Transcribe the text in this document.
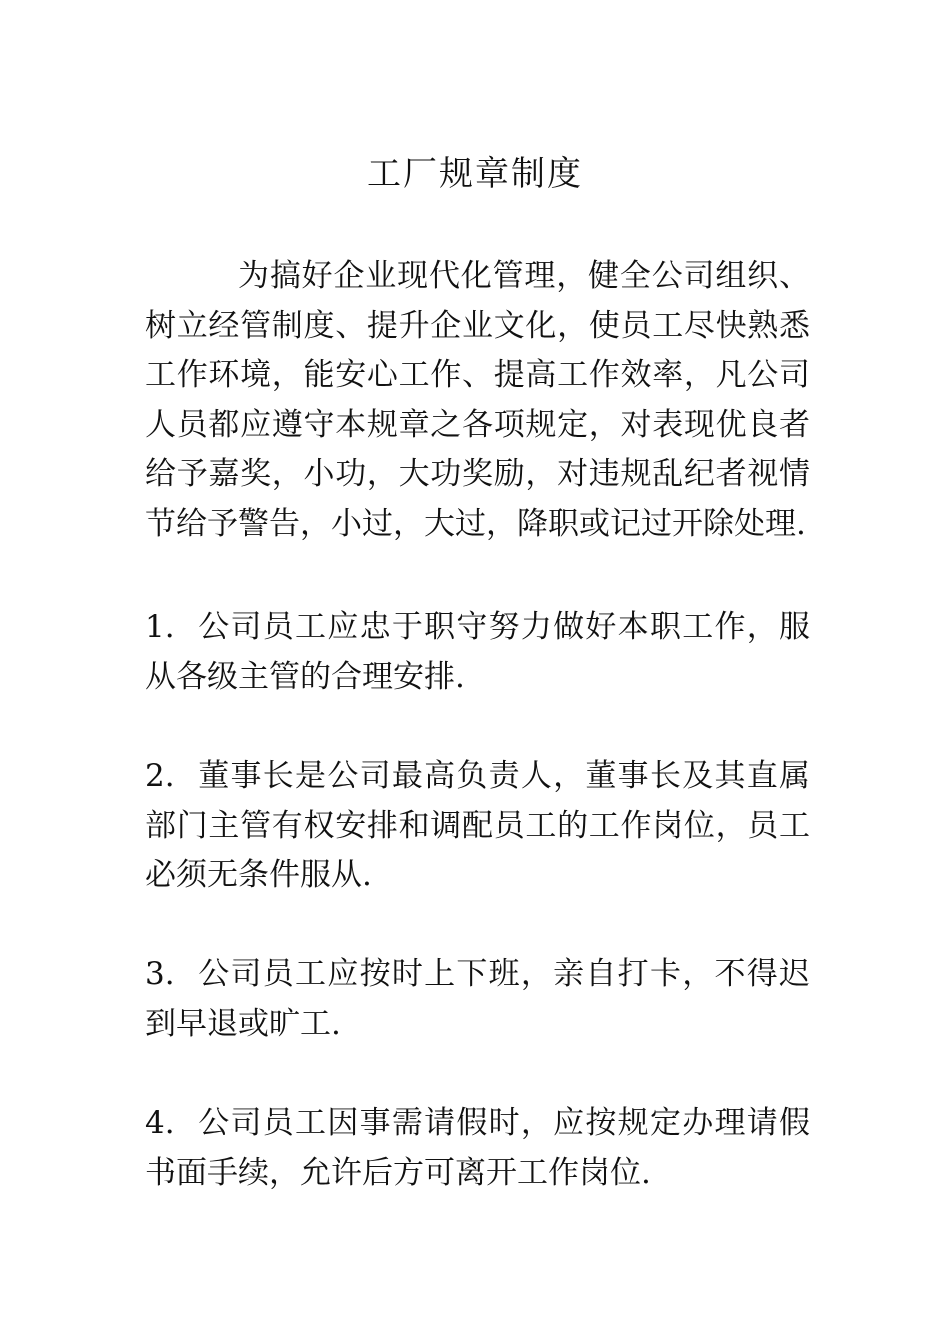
工厂规章制度
为搞好企业现代化管理，健全公司组织、树立经管制度、提升企业文化，使员工尽快熟悉工作环境，能安心工作、提高工作效率，凡公司人员都应遵守本规章之各项规定，对表现优良者给予嘉奖，小功，大功奖励，对违规乱纪者视情节给予警告，小过，大过，降职或记过开除处理.
1. 公司员工应忠于职守努力做好本职工作，服从各级主管的合理安排.
2. 董事长是公司最高负责人，董事长及其直属部门主管有权安排和调配员工的工作岗位，员工必须无条件服从.
3. 公司员工应按时上下班，亲自打卡，不得迟到早退或旷工.
4. 公司员工因事需请假时，应按规定办理请假书面手续，允许后方可离开工作岗位.
